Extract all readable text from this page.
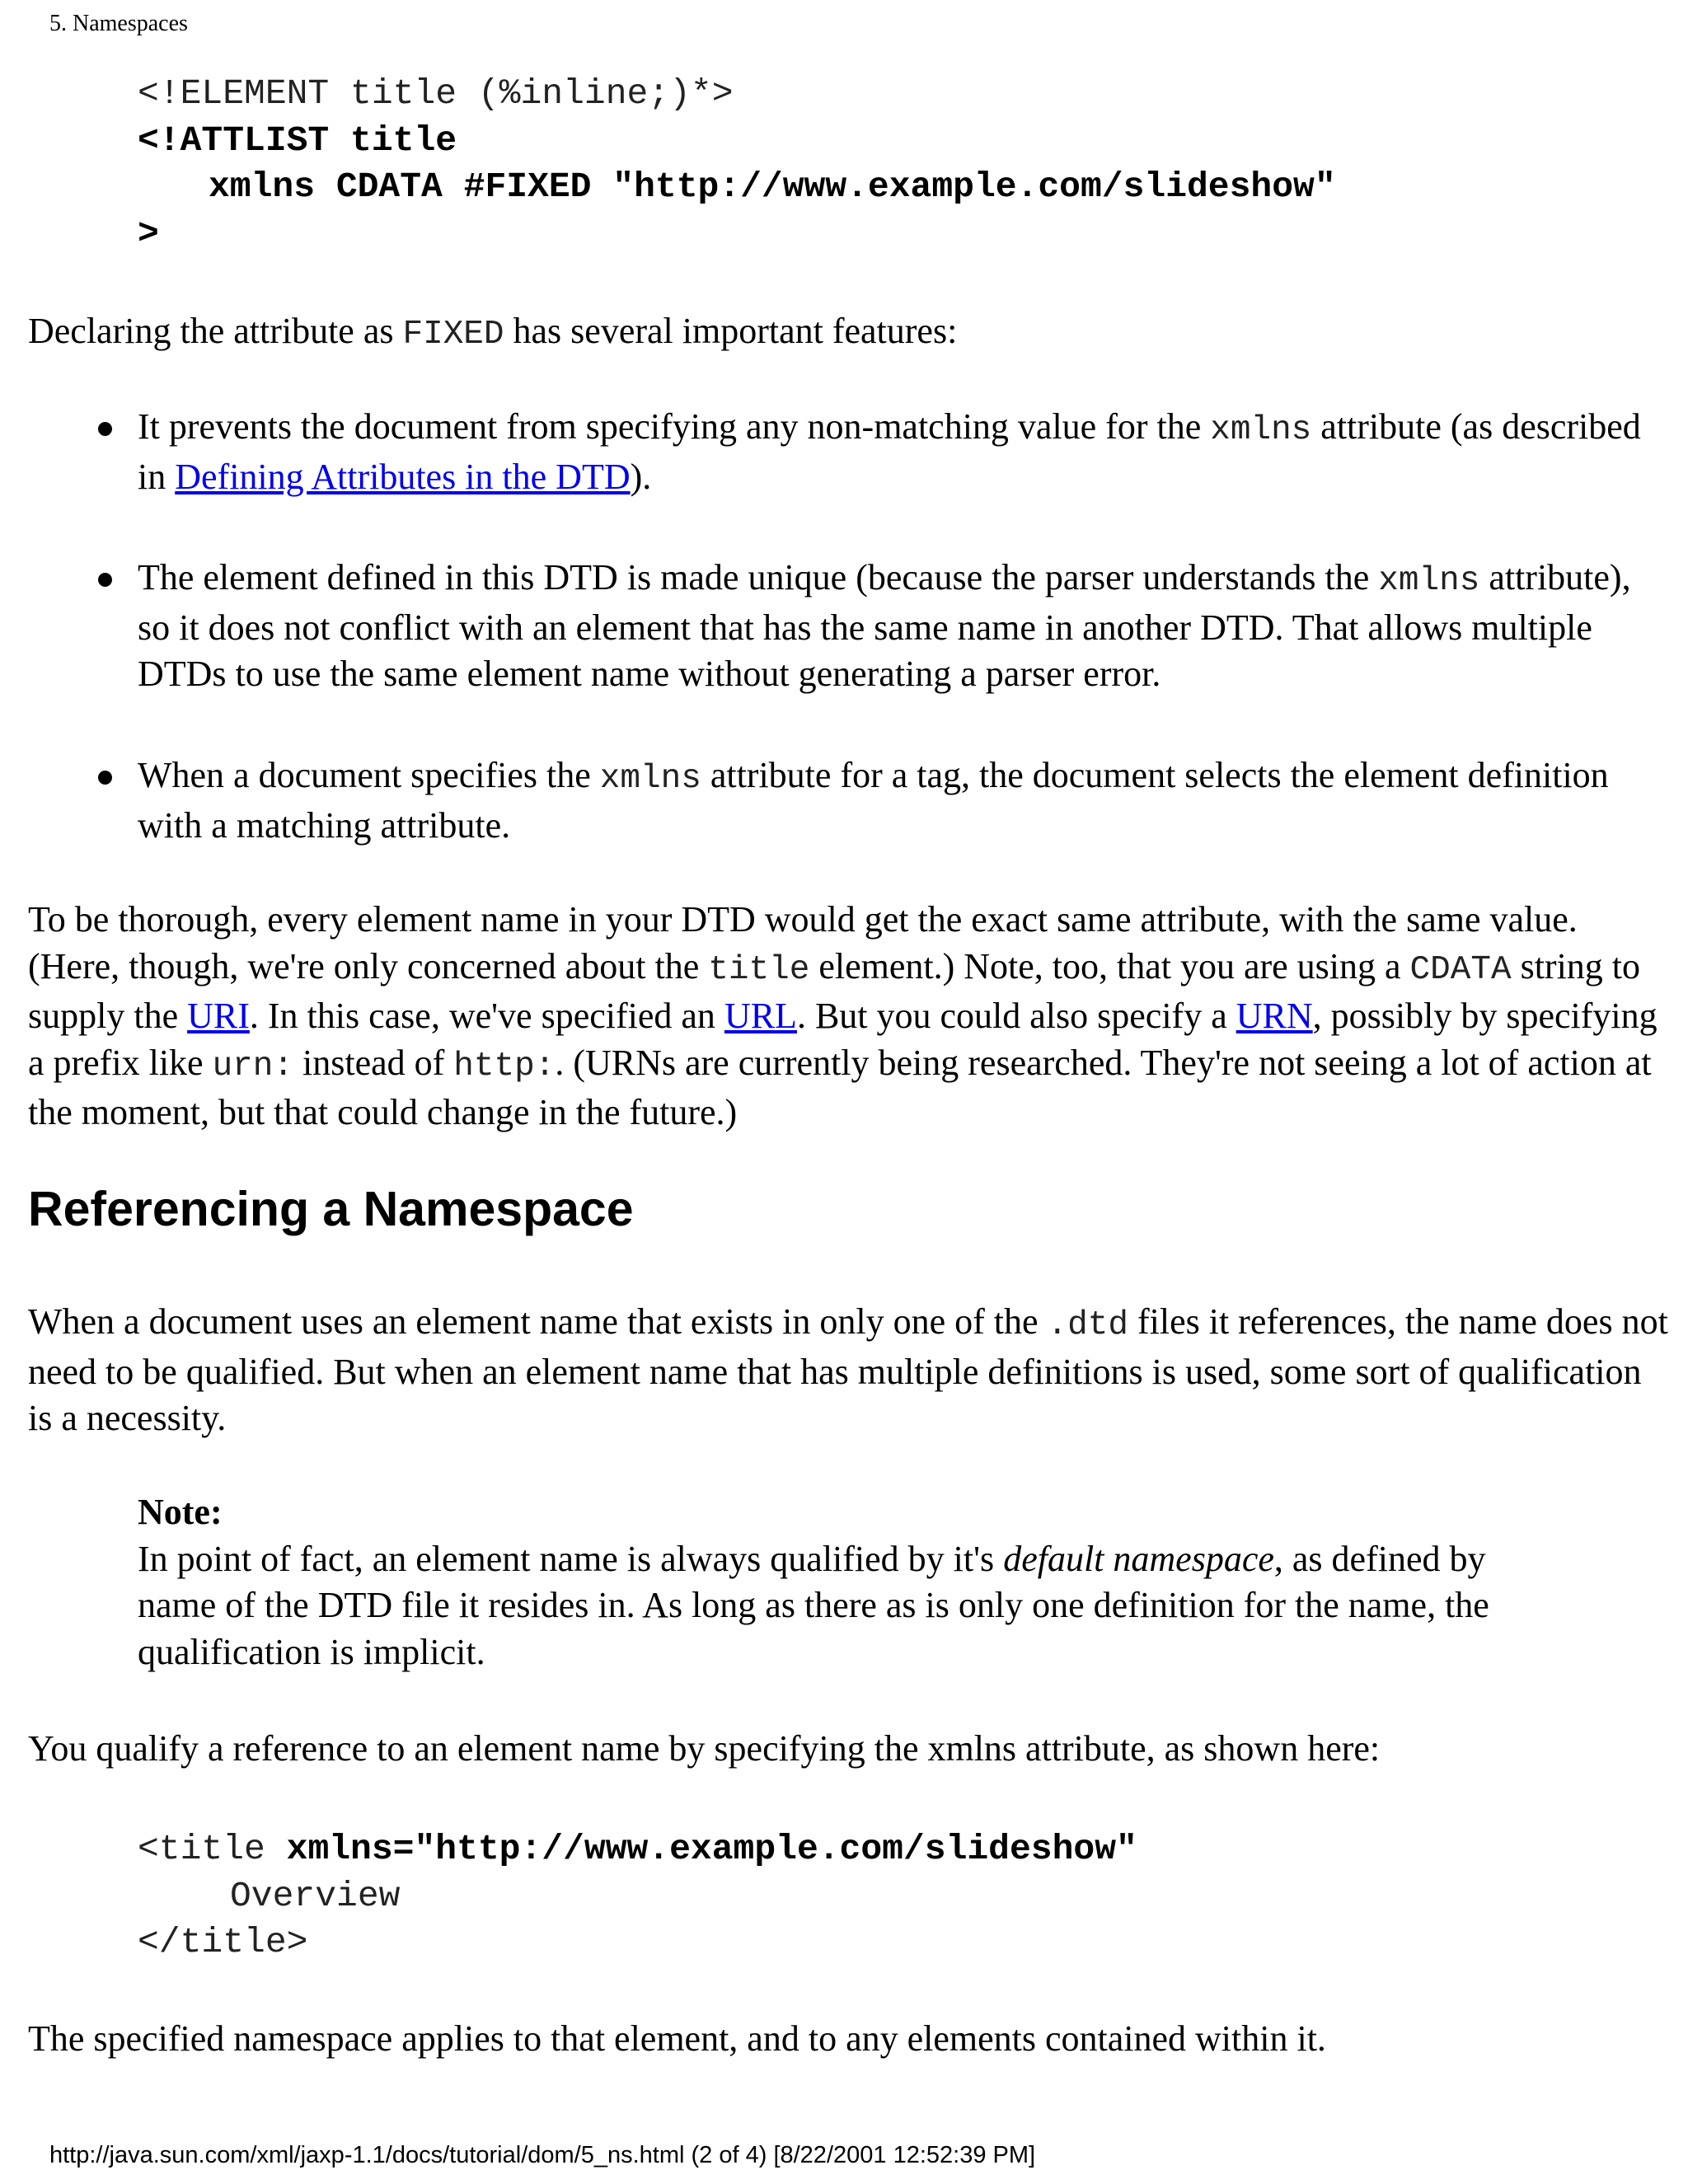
5. Namespaces
<!ELEMENT title (%inline;)*>
<!ATTLIST title

xmlns CDATA #FIXED "http://www.example.com/slideshow"
>
Declaring the attribute as FIXED has several important features:
It prevents the document from specifying any non-matching value for the xmlns attribute (as described in Defining Attributes in the DTD).
The element defined in this DTD is made unique (because the parser understands the xmlns attribute), so it does not conflict with an element that has the same name in another DTD. That allows multiple DTDs to use the same element name without generating a parser error.
When a document specifies the xmlns attribute for a tag, the document selects the element definition with a matching attribute.
To be thorough, every element name in your DTD would get the exact same attribute, with the same value. (Here, though, we're only concerned about the title element.) Note, too, that you are using a CDATA string to supply the URI. In this case, we've specified an URL. But you could also specify a URN, possibly by specifying a prefix like urn: instead of http:. (URNs are currently being researched. They're not seeing a lot of action at the moment, but that could change in the future.)
Referencing a Namespace
When a document uses an element name that exists in only one of the .dtd files it references, the name does not need to be qualified. But when an element name that has multiple definitions is used, some sort of qualification is a necessity.
Note:
In point of fact, an element name is always qualified by it's default namespace, as defined by name of the DTD file it resides in. As long as there as is only one definition for the name, the qualification is implicit.
You qualify a reference to an element name by specifying the xmlns attribute, as shown here:
<title xmlns="http://www.example.com/slideshow"

Overview
</title>
The specified namespace applies to that element, and to any elements contained within it.
http://java.sun.com/xml/jaxp-1.1/docs/tutorial/dom/5_ns.html (2 of 4) [8/22/2001 12:52:39 PM]
